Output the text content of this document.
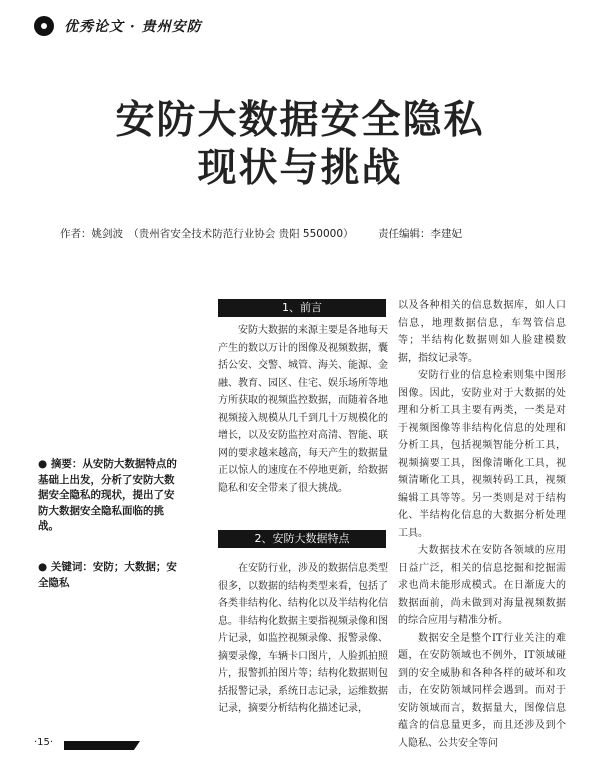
优秀论文 · 贵州安防
安防大数据安全隐私
现状与挑战
作者：姚剑波　（贵州省安全技术防范行业协会 贵阳 550000） 责任编辑：李建妃
● 摘要：从安防大数据特点的基础上出发，分析了安防大数据安全隐私的现状，提出了安防大数据安全隐私面临的挑战。
● 关键词：安防；大数据；安全隐私
1、前言

安防大数据的来源主要是各地每天产生的数以万计的图像及视频数据，囊括公安、交警、城管、海关、能源、金融、教育、园区、住宅、娱乐场所等地方所获取的视频监控数据，而随着各地视频接入规模从几千到几十万规模化的增长，以及安防监控对高清、智能、联网的要求越来越高，每天产生的数据量正以惊人的速度在不停地更新，给数据隐私和安全带来了很大挑战。

2、安防大数据特点

在安防行业，涉及的数据信息类型很多，以数据的结构类型来看，包括了各类非结构化、结构化以及半结构化信息。非结构化数据主要指视频录像和图片记录，如监控视频录像、报警录像、摘要录像，车辆卡口图片，人脸抓拍照片，报警抓拍图片等；结构化数据则包括报警记录，系统日志记录，运维数据记录，摘要分析结构化描述记录，

以及各种相关的信息数据库，如人口信息，地理数据信息，车驾管信息等；半结构化数据则如人脸建模数据，指纹记录等。

安防行业的信息检索则集中图形图像。因此，安防业对于大数据的处理和分析工具主要有两类，一类是对于视频图像等非结构化信息的处理和分析工具，包括视频智能分析工具，视频摘要工具，图像清晰化工具，视频清晰化工具，视频转码工具，视频编辑工具等等。另一类则是对于结构化、半结构化信息的大数据分析处理工具。

大数据技术在安防各领域的应用日益广泛，相关的信息挖掘和挖掘需求也尚未能形成模式。在日渐庞大的数据面前，尚未做到对海量视频数据的综合应用与精准分析。

数据安全是整个IT行业关注的难题，在安防领域也不例外，IT领域碰到的安全威胁和各种各样的破坏和攻击，在安防领域同样会遇到。而对于安防领域而言，数据量大，图像信息蕴含的信息量更多，而且还涉及到个人隐私、公共安全等问

·15·
